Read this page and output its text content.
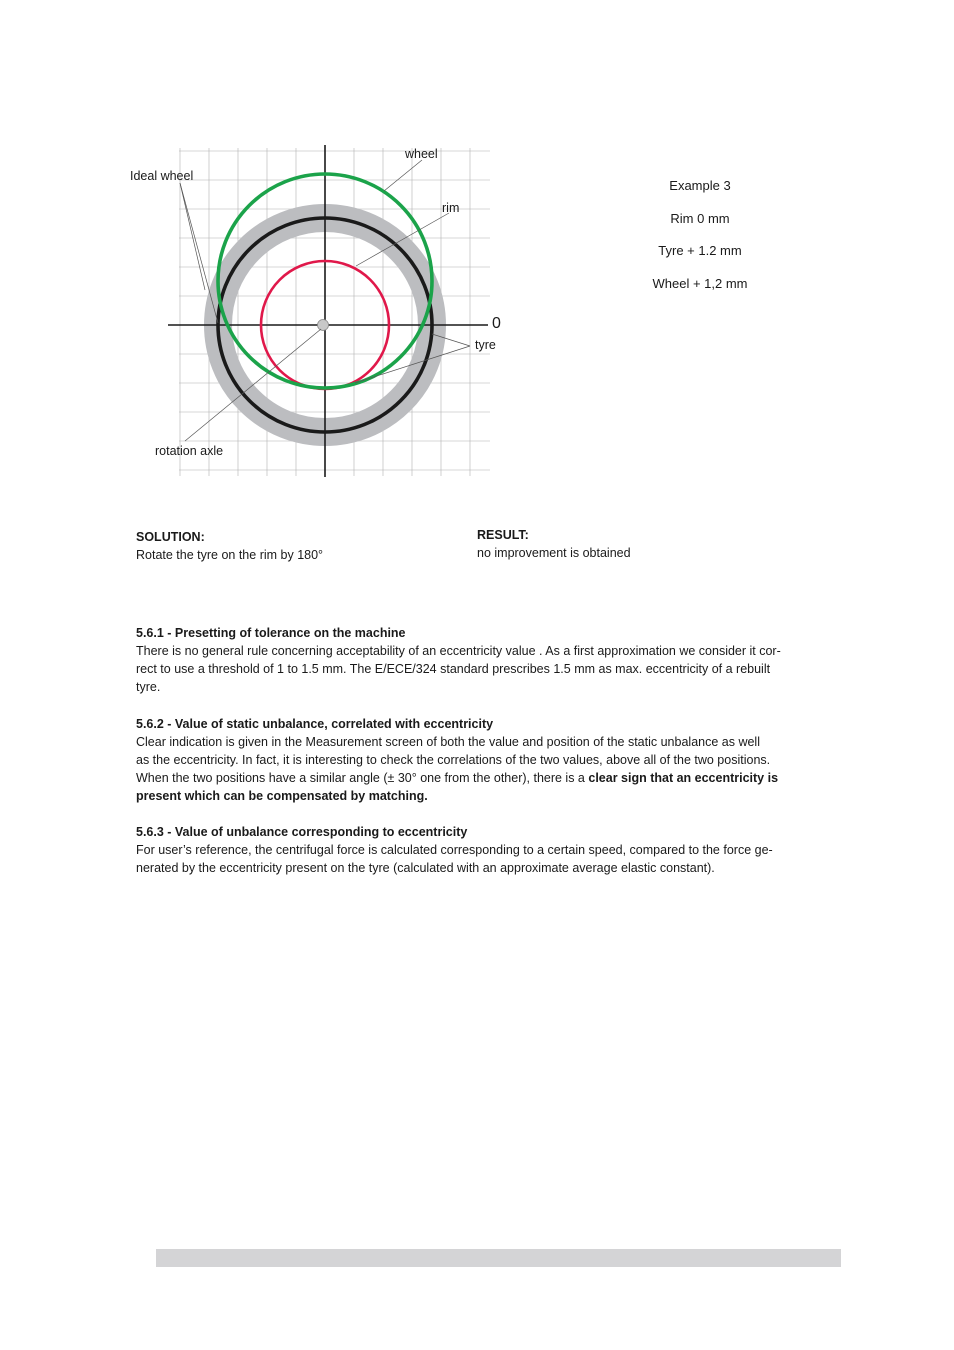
Ideal wheel
wheel
rim
0
tyre
rotation axle

Example 3

Rim 0 mm

Tyre + 1.2 mm

Wheel + 1,2 mm

SOLUTION:
Rotate the tyre on the rim by 180°
RESULT:
no improvement is obtained
5.6.1 - Presetting of tolerance on the machine
There is no general rule concerning acceptability of an eccentricity value . As a first approximation we consider it cor-
rect to use a threshold of 1 to 1.5 mm. The E/ECE/324 standard prescribes 1.5 mm as max. eccentricity of a rebuilt
tyre.
5.6.2 - Value of static unbalance, correlated with eccentricity
Clear indication is given in the Measurement screen of both the value and position of the static unbalance as well
as the eccentricity. In fact, it is interesting to check the correlations of the two values, above all of the two positions.
When the two positions have a similar angle (± 30° one from the other), there is a clear sign that an eccentricity is
present which can be compensated by matching.
5.6.3 - Value of unbalance corresponding to eccentricity
For user’s reference, the centrifugal force is calculated corresponding to a certain speed, compared to the force ge-
nerated by the eccentricity present on the tyre (calculated with an approximate average elastic constant).
